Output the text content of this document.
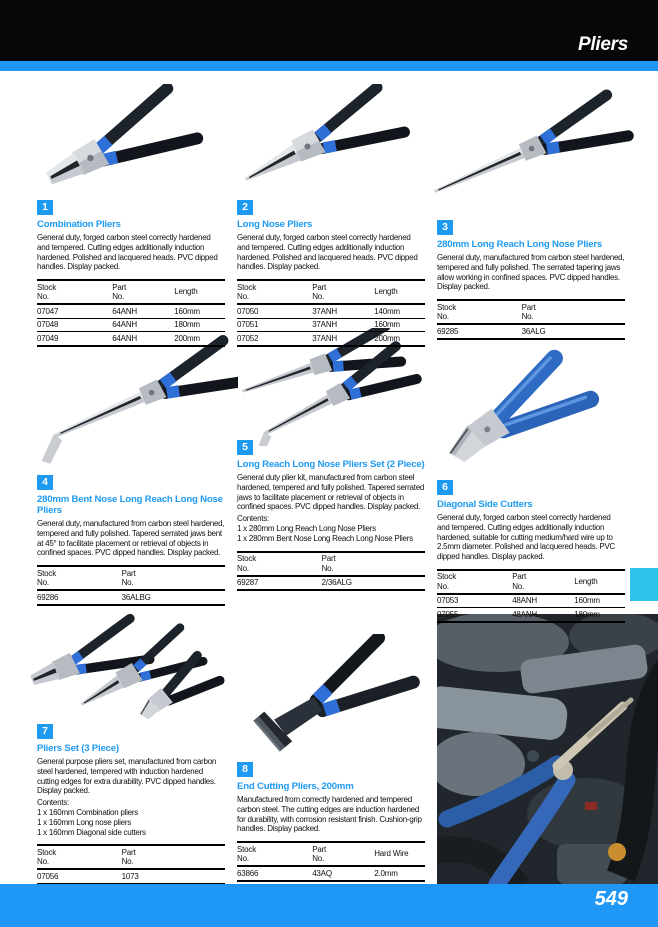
Pliers
1
Combination Pliers

General duty, forged carbon steel correctly hardened and tempered. Cutting edges additionally induction hardened. Polished and lacquered heads. PVC dipped handles. Display packed.

Stock
No.	Part
No.	Length
07047	64ANH	160mm
07048	64ANH	180mm
07049	64ANH	200mm
2
Long Nose Pliers

General duty, forged carbon steel correctly hardened and tempered. Cutting edges additionally induction hardened. Polished and lacquered heads. PVC dipped handles. Display packed.

Stock
No.	Part
No.	Length
07050	37ANH	140mm
07051	37ANH	160mm
07052	37ANH	200mm
3
280mm Long Reach Long Nose Pliers

General duty, manufactured from carbon steel hardened, tempered and fully polished. The serrated tapering jaws allow working in confined spaces. PVC dipped handles. Display packed.

Stock
No.	Part
No.
69285	36ALG
4
280mm Bent Nose Long Reach Long Nose Pliers

General duty, manufactured from carbon steel hardened, tempered and fully polished. Tapered serrated jaws bent at 45° to facilitate placement or retrieval of objects in confined spaces. PVC dipped handles. Display packed.

Stock
No.	Part
No.
69286	36ALBG
5
Long Reach Long Nose Pliers Set (2 Piece)

General duty plier kit, manufactured from carbon steel hardened, tempered and fully polished. Tapered serrated jaws to facilitate placement or retrieval of objects in confined spaces. PVC dipped handles. Display packed.

Contents:
1 x 280mm Long Reach Long Nose Pliers
1 x 280mm Bent Nose Long Reach Long Nose Pliers
Stock
No.	Part
No.
69287	2/36ALG
6
Diagonal Side Cutters

General duty, forged carbon steel correctly hardened and tempered. Cutting edges additionally induction hardened, suitable for cutting medium/hard wire up to 2.5mm diameter. Polished and lacquered heads. PVC dipped handles. Display packed.

Stock
No.	Part
No.	Length
07053	48ANH	160mm
07055	48ANH	180mm
7
Pliers Set (3 Piece)

General purpose pliers set, manufactured from carbon steel hardened, tempered with induction hardened cutting edges for extra durability. PVC dipped handles. Display packed.

Contents:
1 x 160mm Combination pliers
1 x 160mm Long nose pliers
1 x 160mm Diagonal side cutters
Stock
No.	Part
No.
07056	1073
8
End Cutting Pliers, 200mm

Manufactured from correctly hardened and tempered carbon steel. The cutting edges are induction hardened for durability, with corrosion resistant finish. Cushion-grip handles. Display packed.

Stock
No.	Part
No.	Hard Wire
63866	43AQ	2.0mm
549
